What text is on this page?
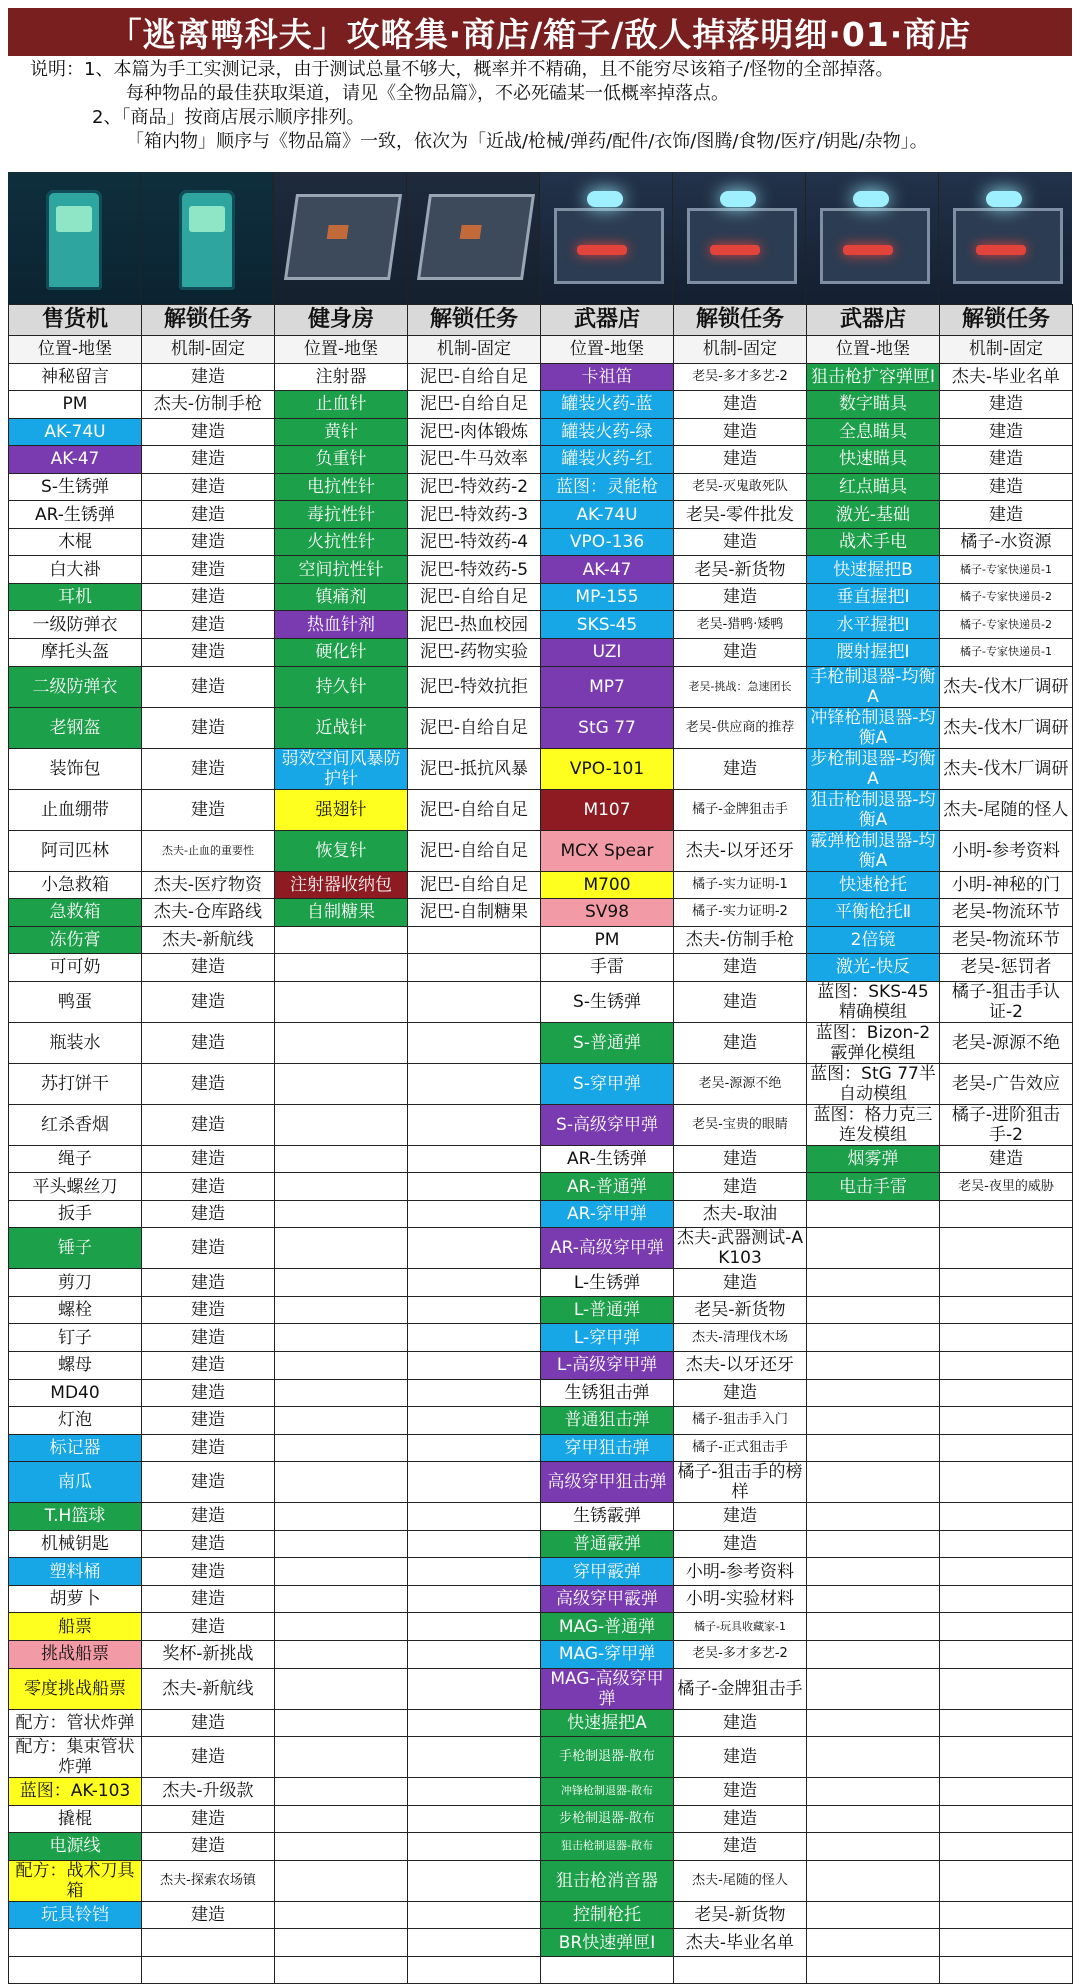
「逃离鸭科夫」攻略集·商店/箱子/敌人掉落明细·01·商店
说明：1、本篇为手工实测记录，由于测试总量不够大，概率并不精确，且不能穷尽该箱子/怪物的全部掉落。
每种物品的最佳获取渠道，请见《全物品篇》，不必死磕某一低概率掉落点。
2、「商品」按商店展示顺序排列。
「箱内物」顺序与《物品篇》一致，依次为「近战/枪械/弹药/配件/衣饰/图腾/食物/医疗/钥匙/杂物」。
售货机	解锁任务	健身房	解锁任务	武器店	解锁任务	武器店	解锁任务
位置-地堡	机制-固定	位置-地堡	机制-固定	位置-地堡	机制-固定	位置-地堡	机制-固定
神秘留言	建造	注射器	泥巴-自给自足	卡祖笛	老吴-多才多艺-2	狙击枪扩容弹匣Ⅰ	杰夫-毕业名单
PM	杰夫-仿制手枪	止血针	泥巴-自给自足	罐装火药-蓝	建造	数字瞄具	建造
AK-74U	建造	黄针	泥巴-肉体锻炼	罐装火药-绿	建造	全息瞄具	建造
AK-47	建造	负重针	泥巴-牛马效率	罐装火药-红	建造	快速瞄具	建造
S-生锈弹	建造	电抗性针	泥巴-特效药-2	蓝图：灵能枪	老吴-灭鬼敢死队	红点瞄具	建造
AR-生锈弹	建造	毒抗性针	泥巴-特效药-3	AK-74U	老吴-零件批发	激光-基础	建造
木棍	建造	火抗性针	泥巴-特效药-4	VPO-136	建造	战术手电	橘子-水资源
白大褂	建造	空间抗性针	泥巴-特效药-5	AK-47	老吴-新货物	快速握把B	橘子-专家快递员-1
耳机	建造	镇痛剂	泥巴-自给自足	MP-155	建造	垂直握把Ⅰ	橘子-专家快递员-2
一级防弹衣	建造	热血针剂	泥巴-热血校园	SKS-45	老吴-猎鸭·矮鸭	水平握把Ⅰ	橘子-专家快递员-2
摩托头盔	建造	硬化针	泥巴-药物实验	UZI	建造	腰射握把Ⅰ	橘子-专家快递员-1
二级防弹衣	建造	持久针	泥巴-特效抗拒	MP7	老吴-挑战：急速团长	手枪制退器-均衡A	杰夫-伐木厂调研
老钢盔	建造	近战针	泥巴-自给自足	StG 77	老吴-供应商的推荐	冲锋枪制退器-均衡A	杰夫-伐木厂调研
装饰包	建造	弱效空间风暴防护针	泥巴-抵抗风暴	VPO-101	建造	步枪制退器-均衡A	杰夫-伐木厂调研
止血绷带	建造	强翅针	泥巴-自给自足	M107	橘子-金牌狙击手	狙击枪制退器-均衡A	杰夫-尾随的怪人
阿司匹林	杰夫-止血的重要性	恢复针	泥巴-自给自足	MCX Spear	杰夫-以牙还牙	霰弹枪制退器-均衡A	小明-参考资料
小急救箱	杰夫-医疗物资	注射器收纳包	泥巴-自给自足	M700	橘子-实力证明-1	快速枪托	小明-神秘的门
急救箱	杰夫-仓库路线	自制糖果	泥巴-自制糖果	SV98	橘子-实力证明-2	平衡枪托Ⅱ	老吴-物流环节
冻伤膏	杰夫-新航线			PM	杰夫-仿制手枪	2倍镜	老吴-物流环节
可可奶	建造			手雷	建造	激光-快反	老吴-惩罚者
鸭蛋	建造			S-生锈弹	建造	蓝图：SKS-45精确模组	橘子-狙击手认证-2
瓶装水	建造			S-普通弹	建造	蓝图：Bizon-2霰弹化模组	老吴-源源不绝
苏打饼干	建造			S-穿甲弹	老吴-源源不绝	蓝图：StG 77半自动模组	老吴-广告效应
红杀香烟	建造			S-高级穿甲弹	老吴-宝贵的眼睛	蓝图：格力克三连发模组	橘子-进阶狙击手-2
绳子	建造			AR-生锈弹	建造	烟雾弹	建造
平头螺丝刀	建造			AR-普通弹	建造	电击手雷	老吴-夜里的威胁
扳手	建造			AR-穿甲弹	杰夫-取油		
锤子	建造			AR-高级穿甲弹	杰夫-武器测试-AK103		
剪刀	建造			L-生锈弹	建造		
螺栓	建造			L-普通弹	老吴-新货物		
钉子	建造			L-穿甲弹	杰夫-清理伐木场		
螺母	建造			L-高级穿甲弹	杰夫-以牙还牙		
MD40	建造			生锈狙击弹	建造		
灯泡	建造			普通狙击弹	橘子-狙击手入门		
标记器	建造			穿甲狙击弹	橘子-正式狙击手		
南瓜	建造			高级穿甲狙击弹	橘子-狙击手的榜样		
T.H篮球	建造			生锈霰弹	建造		
机械钥匙	建造			普通霰弹	建造		
塑料桶	建造			穿甲霰弹	小明-参考资料		
胡萝卜	建造			高级穿甲霰弹	小明-实验材料		
船票	建造			MAG-普通弹	橘子-玩具收藏家-1		
挑战船票	奖杯-新挑战			MAG-穿甲弹	老吴-多才多艺-2		
零度挑战船票	杰夫-新航线			MAG-高级穿甲弹	橘子-金牌狙击手		
配方：管状炸弹	建造			快速握把A	建造		
配方：集束管状炸弹	建造			手枪制退器-散布	建造		
蓝图：AK-103	杰夫-升级款			冲锋枪制退器-散布	建造		
撬棍	建造			步枪制退器-散布	建造		
电源线	建造			狙击枪制退器-散布	建造		
配方：战术刀具箱	杰夫-探索农场镇			狙击枪消音器	杰夫-尾随的怪人		
玩具铃铛	建造			控制枪托	老吴-新货物		
				BR快速弹匣Ⅰ	杰夫-毕业名单		
